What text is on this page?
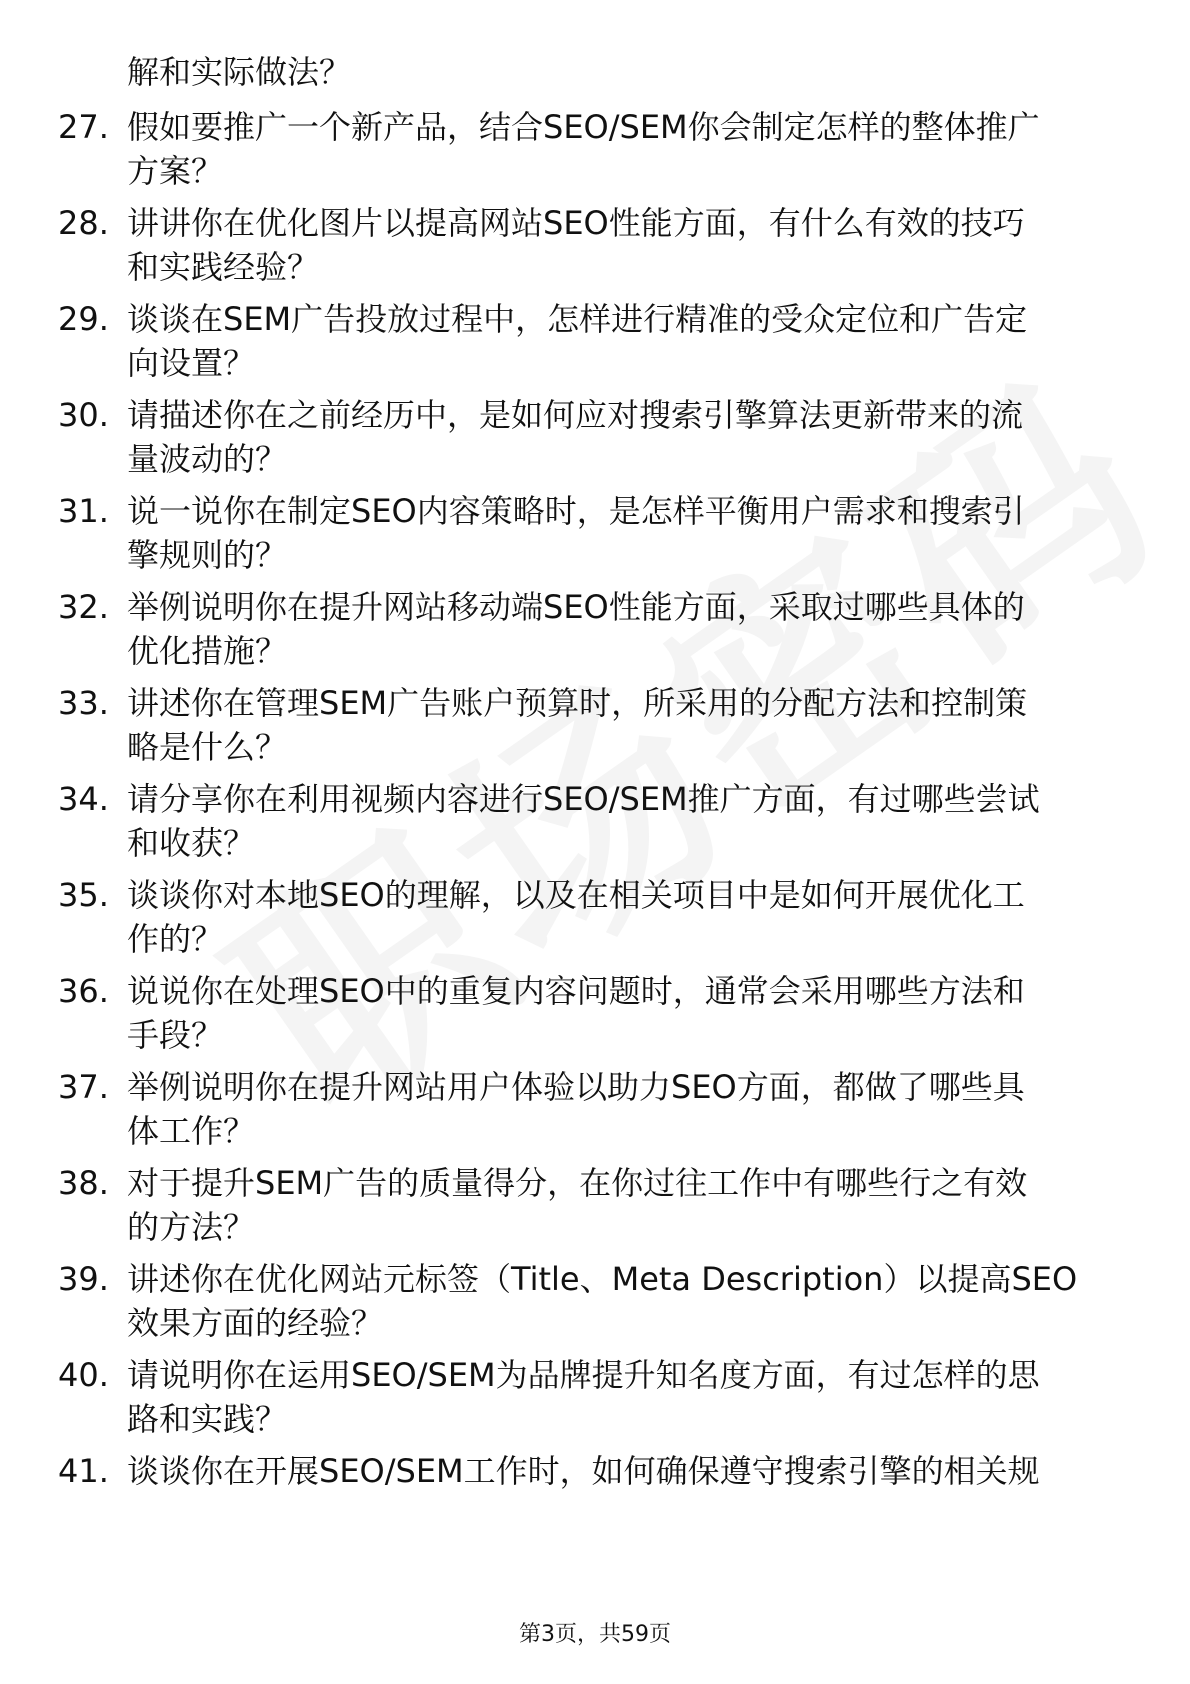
解和实际做法？
27. 假如要推广一个新产品，结合SEO/SEM你会制定怎样的整体推广
方案？
28. 讲讲你在优化图片以提高网站SEO性能方面，有什么有效的技巧
和实践经验？
29. 谈谈在SEM广告投放过程中，怎样进行精准的受众定位和广告定
向设置？
30. 请描述你在之前经历中，是如何应对搜索引擎算法更新带来的流
量波动的？
31. 说一说你在制定SEO内容策略时，是怎样平衡用户需求和搜索引
擎规则的？
32. 举例说明你在提升网站移动端SEO性能方面，采取过哪些具体的
优化措施？
33. 讲述你在管理SEM广告账户预算时，所采用的分配方法和控制策
略是什么？
34. 请分享你在利用视频内容进行SEO/SEM推广方面，有过哪些尝试
和收获？
35. 谈谈你对本地SEO的理解，以及在相关项目中是如何开展优化工
作的？
36. 说说你在处理SEO中的重复内容问题时，通常会采用哪些方法和
手段？
37. 举例说明你在提升网站用户体验以助力SEO方面，都做了哪些具
体工作？
38. 对于提升SEM广告的质量得分，在你过往工作中有哪些行之有效
的方法？
39. 讲述你在优化网站元标签（Title、Meta Description）以提高SEO
效果方面的经验？
40. 请说明你在运用SEO/SEM为品牌提升知名度方面，有过怎样的思
路和实践？
41. 谈谈你在开展SEO/SEM工作时，如何确保遵守搜索引擎的相关规
第3页，共59页
